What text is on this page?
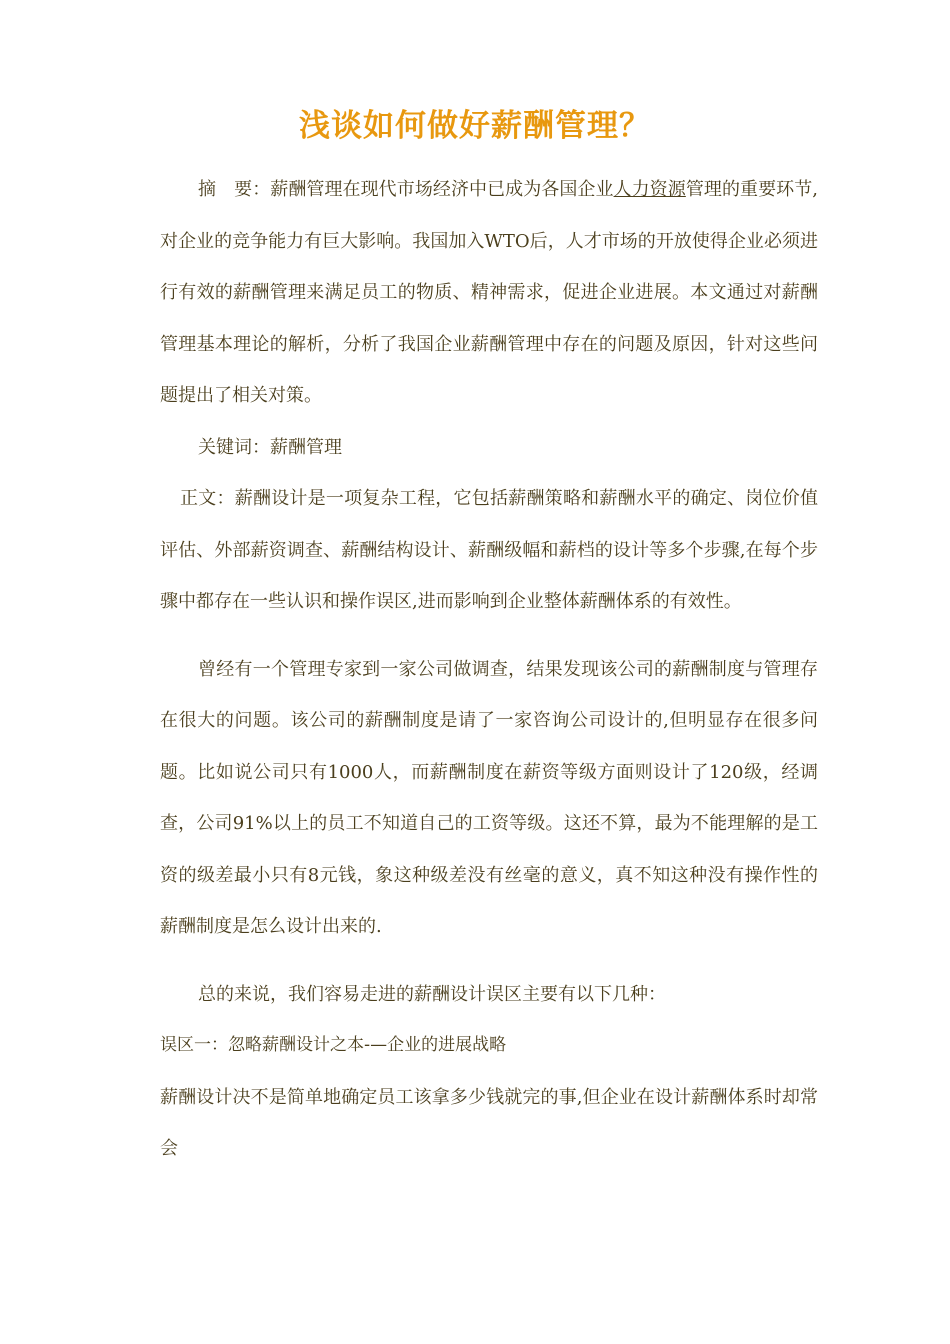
浅谈如何做好薪酬管理？

摘　要：薪酬管理在现代市场经济中已成为各国企业人力资源管理的重要环节,对企业的竞争能力有巨大影响。我国加入WTO后，人才市场的开放使得企业必须进行有效的薪酬管理来满足员工的物质、精神需求，促进企业进展。本文通过对薪酬管理基本理论的解析，分析了我国企业薪酬管理中存在的问题及原因，针对这些问题提出了相关对策。

关键词：薪酬管理

正文：薪酬设计是一项复杂工程，它包括薪酬策略和薪酬水平的确定、岗位价值评估、外部薪资调查、薪酬结构设计、薪酬级幅和薪档的设计等多个步骤,在每个步骤中都存在一些认识和操作误区,进而影响到企业整体薪酬体系的有效性。

曾经有一个管理专家到一家公司做调查，结果发现该公司的薪酬制度与管理存在很大的问题。该公司的薪酬制度是请了一家咨询公司设计的,但明显存在很多问题。比如说公司只有1000人，而薪酬制度在薪资等级方面则设计了120级，经调查，公司91%以上的员工不知道自己的工资等级。这还不算，最为不能理解的是工资的级差最小只有8元钱，象这种级差没有丝毫的意义，真不知这种没有操作性的薪酬制度是怎么设计出来的.

总的来说，我们容易走进的薪酬设计误区主要有以下几种：

误区一：忽略薪酬设计之本-—企业的进展战略

薪酬设计决不是简单地确定员工该拿多少钱就完的事,但企业在设计薪酬体系时却常会
